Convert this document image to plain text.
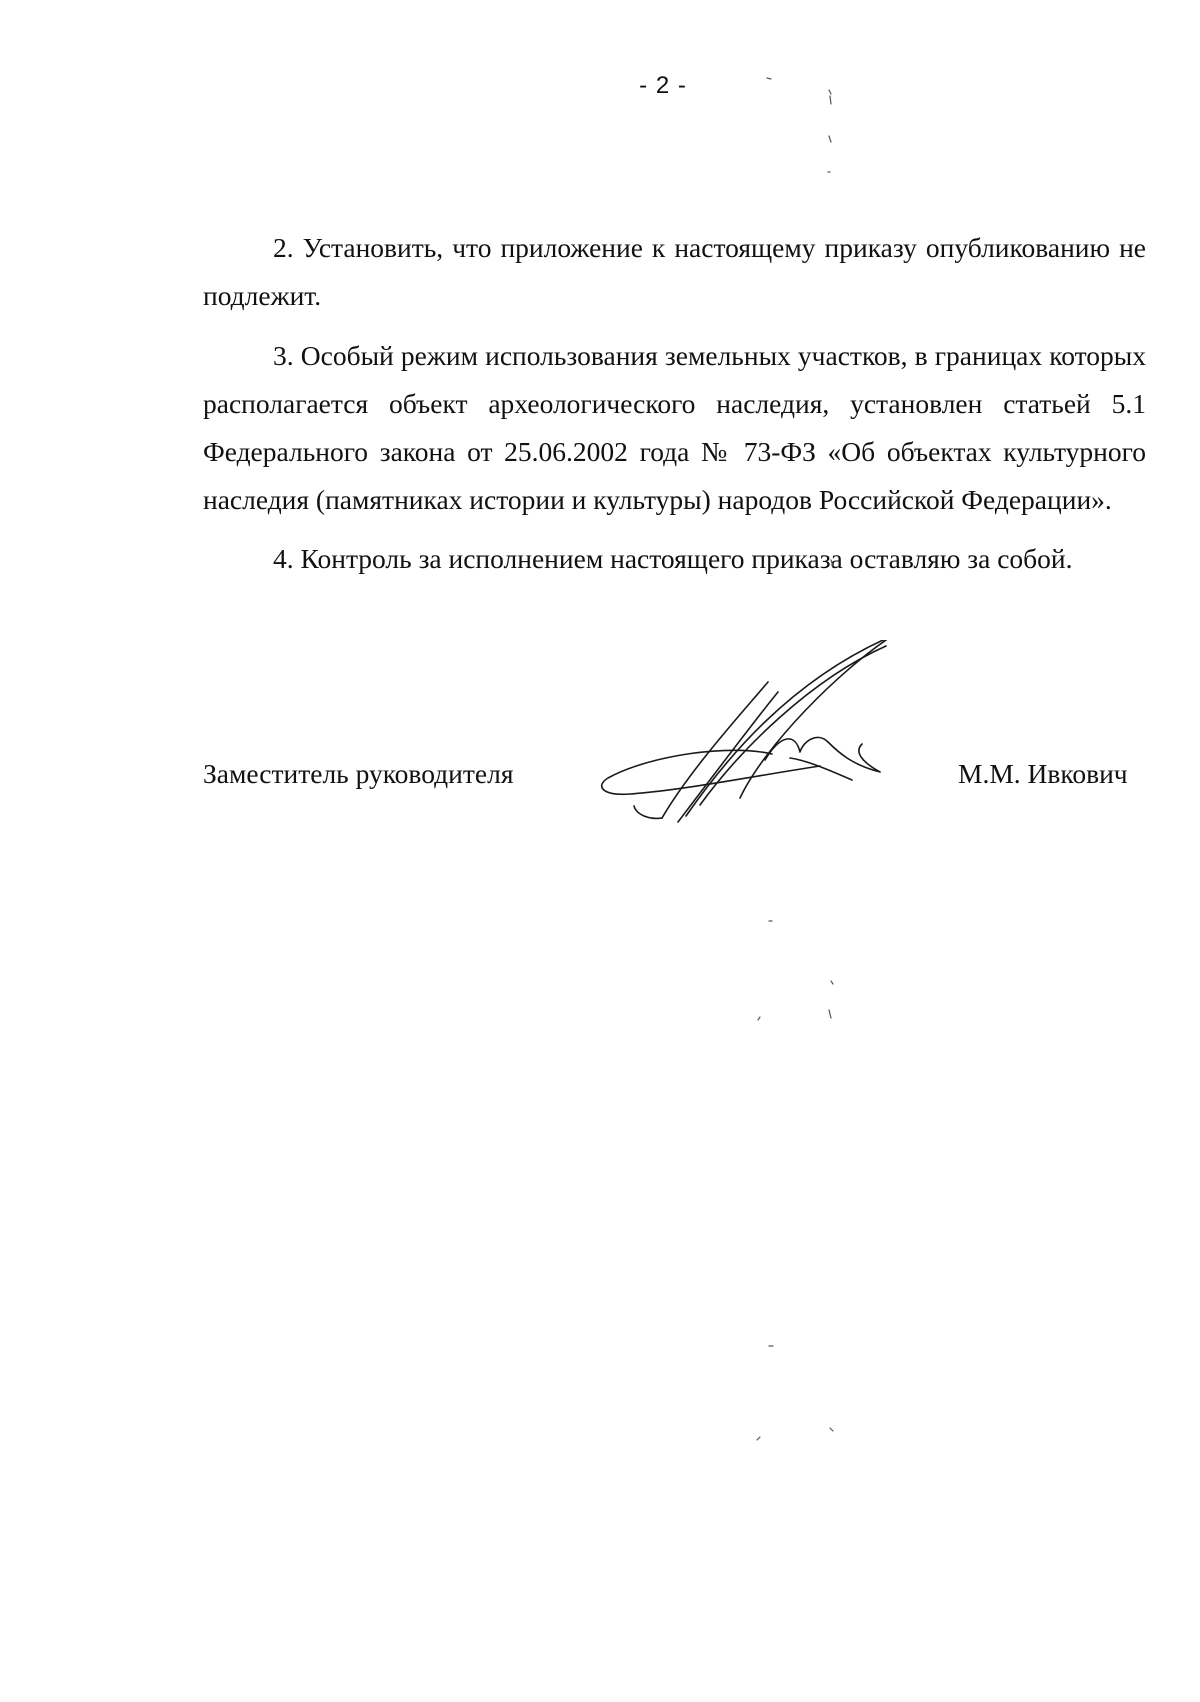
- 2 -

2. Установить, что приложение к настоящему приказу опубликованию не подлежит.

3. Особый режим использования земельных участков, в границах которых располагается объект археологического наследия, установлен статьей 5.1 Федерального закона от 25.06.2002 года № 73-ФЗ «Об объектах культурного наследия (памятниках истории и культуры) народов Российской Федерации».

4. Контроль за исполнением настоящего приказа оставляю за собой.

Заместитель руководителя	М.М. Ивкович
